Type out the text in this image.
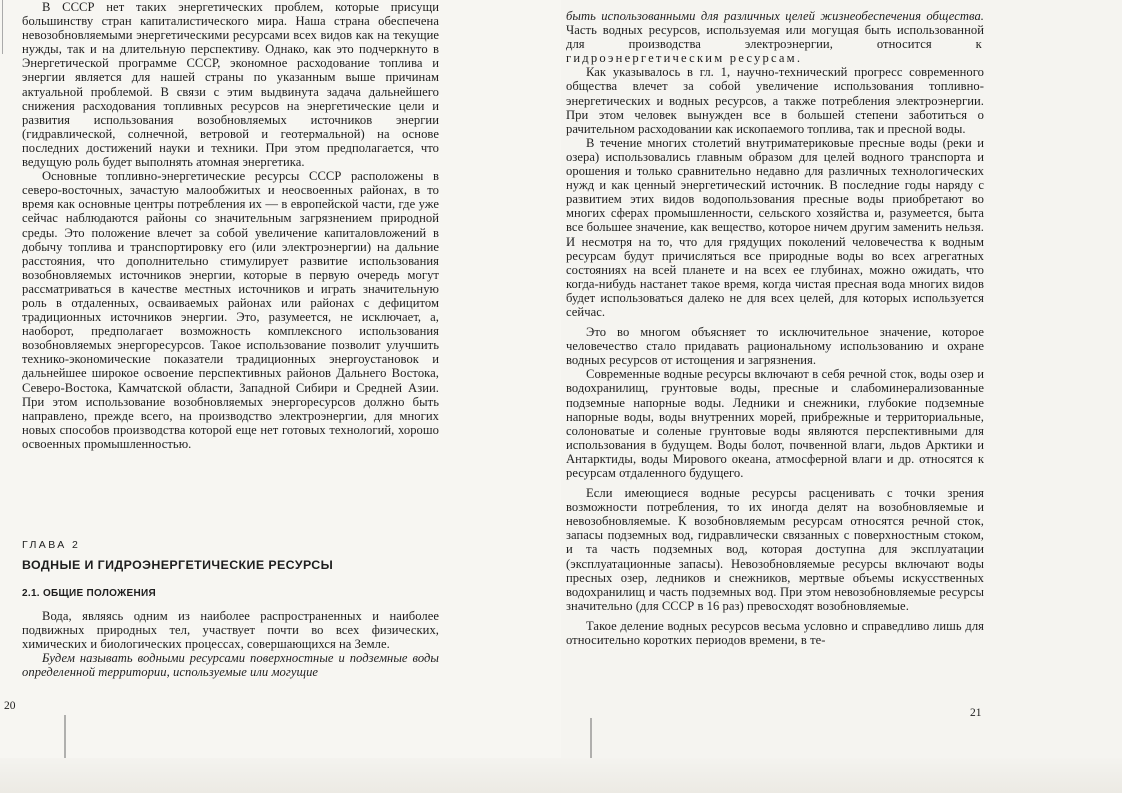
В СССР нет таких энергетических проблем, которые присущи большинству стран капиталистического мира. Наша страна обеспечена невозобновляемыми энергетическими ресурсами всех видов как на текущие нужды, так и на длительную перспективу. Однако, как это подчеркнуто в Энергетической программе СССР, экономное расходование топлива и энергии является для нашей страны по указанным выше причинам актуальной проблемой. В связи с этим выдвинута задача дальнейшего снижения расходования топливных ресурсов на энергетические цели и развития использования возобновляемых источников энергии (гидравлической, солнечной, ветровой и геотермальной) на основе последних достижений науки и техники. При этом предполагается, что ведущую роль будет выполнять атомная энергетика.

Основные топливно-энергетические ресурсы СССР расположены в северо-восточных, зачастую малообжитых и неосвоенных районах, в то время как основные центры потребления их — в европейской части, где уже сейчас наблюдаются районы со значительным загрязнением природной среды. Это положение влечет за собой увеличение капиталовложений в добычу топлива и транспортировку его (или электроэнергии) на дальние расстояния, что дополнительно стимулирует развитие использования возобновляемых источников энергии, которые в первую очередь могут рассматриваться в качестве местных источников и играть значительную роль в отдаленных, осваиваемых районах или районах с дефицитом традиционных источников энергии. Это, разумеется, не исключает, а, наоборот, предполагает возможность комплексного использования возобновляемых энергоресурсов. Такое использование позволит улучшить технико-экономические показатели традиционных энергоустановок и дальнейшее широкое освоение перспективных районов Дальнего Востока, Северо-Востока, Камчатской области, Западной Сибири и Средней Азии. При этом использование возобновляемых энергоресурсов должно быть направлено, прежде всего, на производство электроэнергии, для многих новых способов производства которой еще нет готовых технологий, хорошо освоенных промышленностью.

ГЛАВА 2

ВОДНЫЕ И ГИДРОЭНЕРГЕТИЧЕСКИЕ РЕСУРСЫ

2.1. ОБЩИЕ ПОЛОЖЕНИЯ

Вода, являясь одним из наиболее распространенных и наиболее подвижных природных тел, участвует почти во всех физических, химических и биологических процессах, совершающихся на Земле.

Будем называть водными ресурсами поверхностные и подземные воды определенной территории, используемые или могущие

20

быть использованными для различных целей жизнеобеспечения общества. Часть водных ресурсов, используемая или могущая быть использованной для производства электроэнергии, относится к гидроэнергетическим ресурсам.

Как указывалось в гл. 1, научно-технический прогресс современного общества влечет за собой увеличение использования топливно-энергетических и водных ресурсов, а также потребления электроэнергии. При этом человек вынужден все в большей степени заботиться о рачительном расходовании как ископаемого топлива, так и пресной воды.

В течение многих столетий внутриматериковые пресные воды (реки и озера) использовались главным образом для целей водного транспорта и орошения и только сравнительно недавно для различных технологических нужд и как ценный энергетический источник. В последние годы наряду с развитием этих видов водопользования пресные воды приобретают во многих сферах промышленности, сельского хозяйства и, разумеется, быта все большее значение, как вещество, которое ничем другим заменить нельзя. И несмотря на то, что для грядущих поколений человечества к водным ресурсам будут причисляться все природные воды во всех агрегатных состояниях на всей планете и на всех ее глубинах, можно ожидать, что когда-нибудь настанет такое время, когда чистая пресная вода многих видов будет использоваться далеко не для всех целей, для которых используется сейчас.

Это во многом объясняет то исключительное значение, которое человечество стало придавать рациональному использованию и охране водных ресурсов от истощения и загрязнения.

Современные водные ресурсы включают в себя речной сток, воды озер и водохранилищ, грунтовые воды, пресные и слабоминерализованные подземные напорные воды. Ледники и снежники, глубокие подземные напорные воды, воды внутренних морей, прибрежные и территориальные, солоноватые и соленые грунтовые воды являются перспективными для использования в будущем. Воды болот, почвенной влаги, льдов Арктики и Антарктиды, воды Мирового океана, атмосферной влаги и др. относятся к ресурсам отдаленного будущего.

Если имеющиеся водные ресурсы расценивать с точки зрения возможности потребления, то их иногда делят на возобновляемые и невозобновляемые. К возобновляемым ресурсам относятся речной сток, запасы подземных вод, гидравлически связанных с поверхностным стоком, и та часть подземных вод, которая доступна для эксплуатации (эксплуатационные запасы). Невозобновляемые ресурсы включают воды пресных озер, ледников и снежников, мертвые объемы искусственных водохранилищ и часть подземных вод. При этом невозобновляемые ресурсы значительно (для СССР в 16 раз) превосходят возобновляемые.

Такое деление водных ресурсов весьма условно и справедливо лишь для относительно коротких периодов времени, в те-

21
